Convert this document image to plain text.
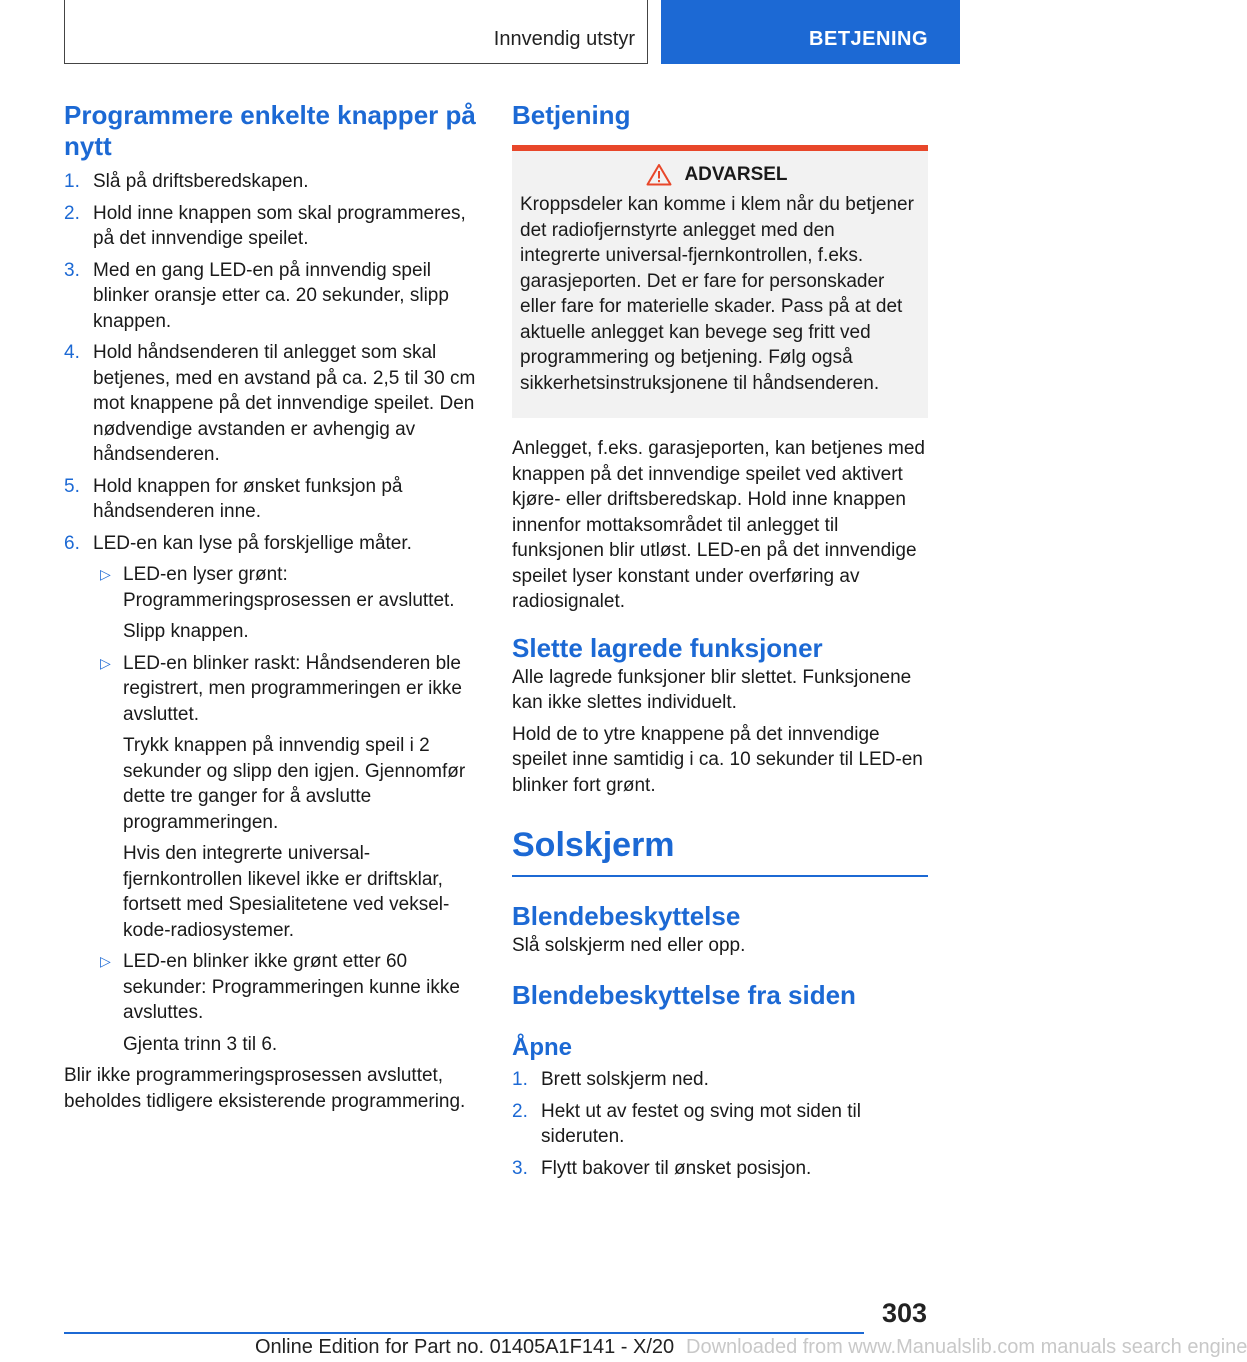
Innvendig utstyr	BETJENING
Programmere enkelte knapper på nytt
1. Slå på driftsberedskapen.
2. Hold inne knappen som skal programmeres, på det innvendige speilet.
3. Med en gang LED-en på innvendig speil blinker oransje etter ca. 20 sekunder, slipp knappen.
4. Hold håndsenderen til anlegget som skal betjenes, med en avstand på ca. 2,5 til 30 cm mot knappene på det innvendige speilet. Den nødvendige avstanden er avhengig av håndsenderen.
5. Hold knappen for ønsket funksjon på håndsenderen inne.
6. LED-en kan lyse på forskjellige måter.
▷ LED-en lyser grønt: Programmeringsprosessen er avsluttet.
Slipp knappen.
▷ LED-en blinker raskt: Håndsenderen ble registrert, men programmeringen er ikke avsluttet.
Trykk knappen på innvendig speil i 2 sekunder og slipp den igjen. Gjennomfør dette tre ganger for å avslutte programmeringen.
Hvis den integrerte universal-fjernkontrollen likevel ikke er driftsklar, fortsett med Spesialitetene ved veksel-kode-radiosystemer.
▷ LED-en blinker ikke grønt etter 60 sekunder: Programmeringen kunne ikke avsluttes.
Gjenta trinn 3 til 6.

Blir ikke programmeringsprosessen avsluttet, beholdes tidligere eksisterende programmering.

Betjening
ADVARSEL

Kroppsdeler kan komme i klem når du betjener det radiofjernstyrte anlegget med den integrerte universal-fjernkontrollen, f.eks. garasjeporten. Det er fare for personskader eller fare for materielle skader. Pass på at det aktuelle anlegget kan bevege seg fritt ved programmering og betjening. Følg også sikkerhetsinstruksjonene til håndsenderen.

Anlegget, f.eks. garasjeporten, kan betjenes med knappen på det innvendige speilet ved aktivert kjøre- eller driftsberedskap. Hold inne knappen innenfor mottaksområdet til anlegget til funksjonen blir utløst. LED-en på det innvendige speilet lyser konstant under overføring av radiosignalet.

Slette lagrede funksjoner

Alle lagrede funksjoner blir slettet. Funksjonene kan ikke slettes individuelt.

Hold de to ytre knappene på det innvendige speilet inne samtidig i ca. 10 sekunder til LED-en blinker fort grønt.

Solskjerm
Blendebeskyttelse

Slå solskjerm ned eller opp.

Blendebeskyttelse fra siden
Åpne
1. Brett solskjerm ned.
2. Hekt ut av festet og sving mot siden til sideruten.
3. Flytt bakover til ønsket posisjon.
303
Downloaded from www.Manualslib.com manuals search engine
Online Edition for Part no. 01405A1F141 - X/20
